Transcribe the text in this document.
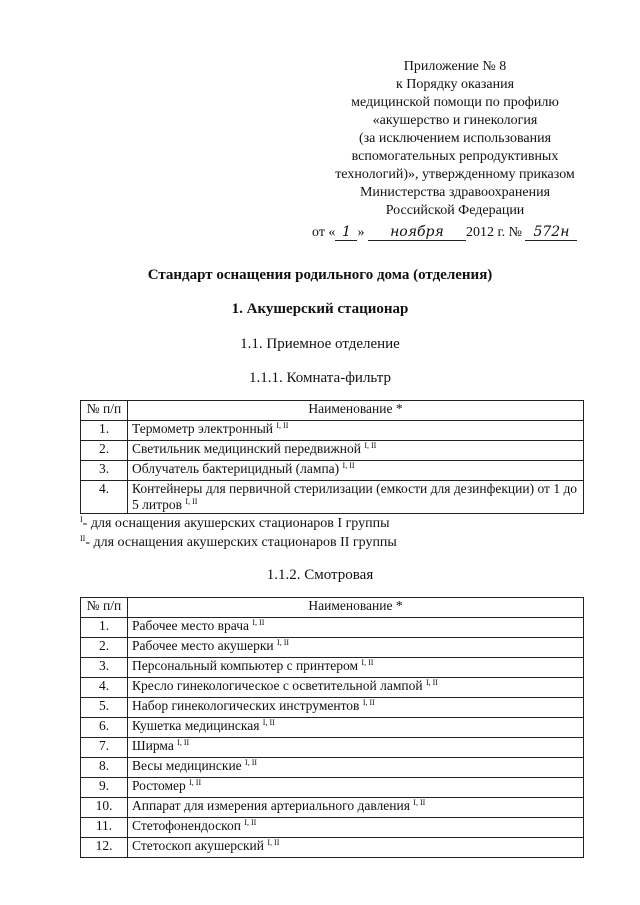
Приложение № 8
к Порядку оказания
медицинской помощи по профилю
«акушерство и гинекология
(за исключением использования
вспомогательных репродуктивных
технологий)», утвержденному приказом
Министерства здравоохранения
Российской Федерации
от « 1 » ноября 2012 г. № 572н
Стандарт оснащения родильного дома (отделения)
1. Акушерский стационар
1.1. Приемное отделение
1.1.1. Комната-фильтр
№ п/п	Наименование *
1.	Термометр электронный $^{I, II}$
2.	Светильник медицинский передвижной $^{I, II}$
3.	Облучатель бактерицидный (лампа) $^{I, II}$
4.	Контейнеры для первичной стерилизации (емкости для дезинфекции) от 1 до 5 литров $^{I, II}$
$^I$- для оснащения акушерских стационаров I группы
$^{II}$- для оснащения акушерских стационаров II группы
1.1.2. Смотровая
№ п/п	Наименование *
1.	Рабочее место врача $^{I, II}$
2.	Рабочее место акушерки $^{I, II}$
3.	Персональный компьютер с принтером $^{I, II}$
4.	Кресло гинекологическое с осветительной лампой $^{I, II}$
5.	Набор гинекологических инструментов $^{I, II}$
6.	Кушетка медицинская $^{I, II}$
7.	Ширма $^{I, II}$
8.	Весы медицинские $^{I, II}$
9.	Ростомер $^{I, II}$
10.	Аппарат для измерения артериального давления $^{I, II}$
11.	Стетофонендоскоп $^{I, II}$
12.	Стетоскоп акушерский $^{I, II}$
